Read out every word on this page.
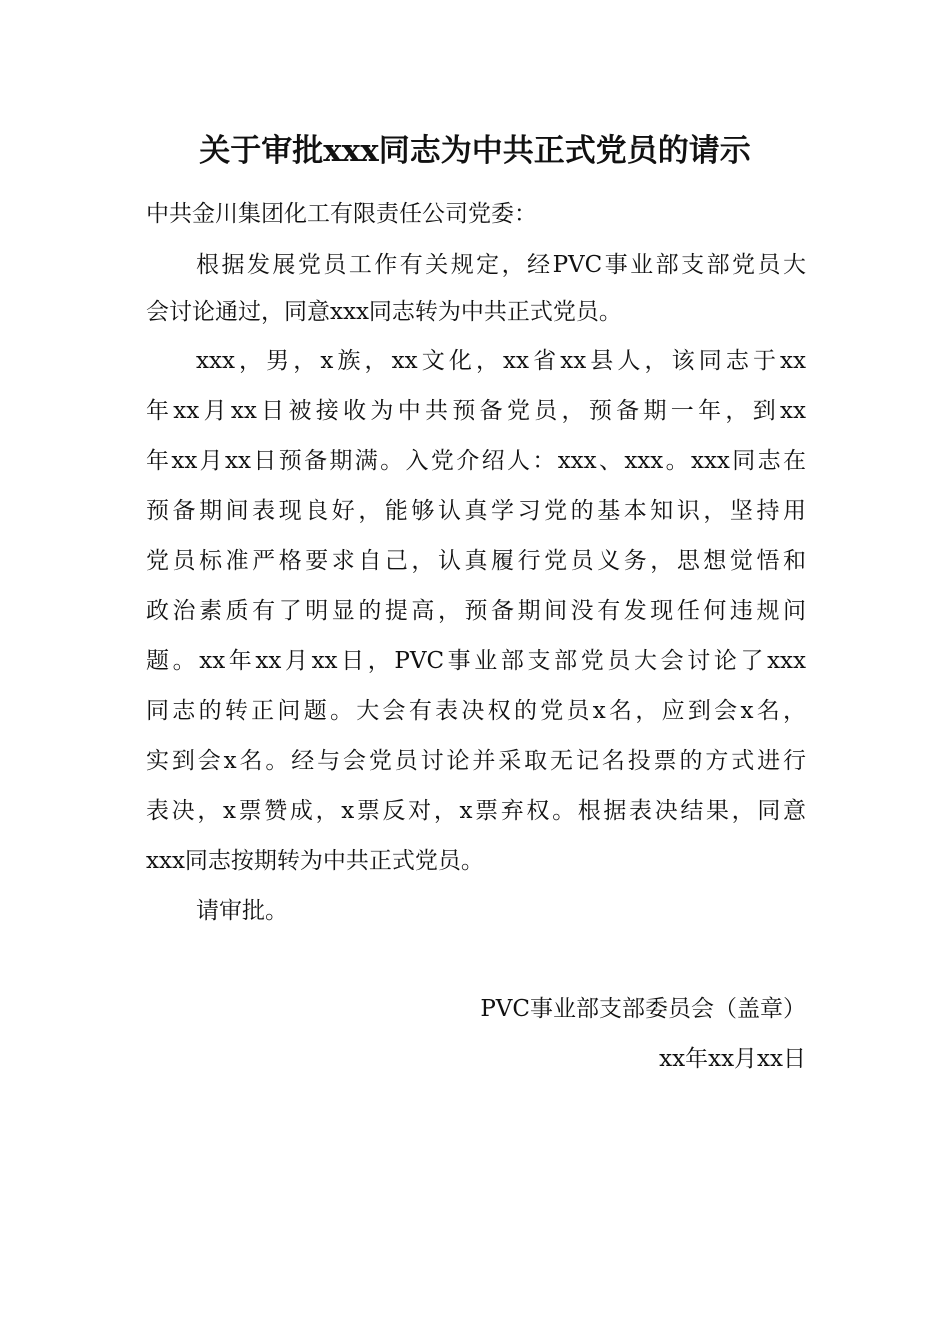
关于审批xxx同志为中共正式党员的请示
中共金川集团化工有限责任公司党委：
根据发展党员工作有关规定，经PVC事业部支部党员大
会讨论通过，同意xxx同志转为中共正式党员。
xxx，男，x族，xx文化，xx省xx县人，该同志于xx
年xx月xx日被接收为中共预备党员，预备期一年，到xx
年xx月xx日预备期满。入党介绍人：xxx、xxx。xxx同志在
预备期间表现良好，能够认真学习党的基本知识，坚持用
党员标准严格要求自己，认真履行党员义务，思想觉悟和
政治素质有了明显的提高，预备期间没有发现任何违规问
题。xx年xx月xx日，PVC事业部支部党员大会讨论了xxx
同志的转正问题。大会有表决权的党员x名，应到会x名，
实到会x名。经与会党员讨论并采取无记名投票的方式进行
表决，x票赞成，x票反对，x票弃权。根据表决结果，同意
xxx同志按期转为中共正式党员。
请审批。
PVC事业部支部委员会（盖章）
xx年xx月xx日
